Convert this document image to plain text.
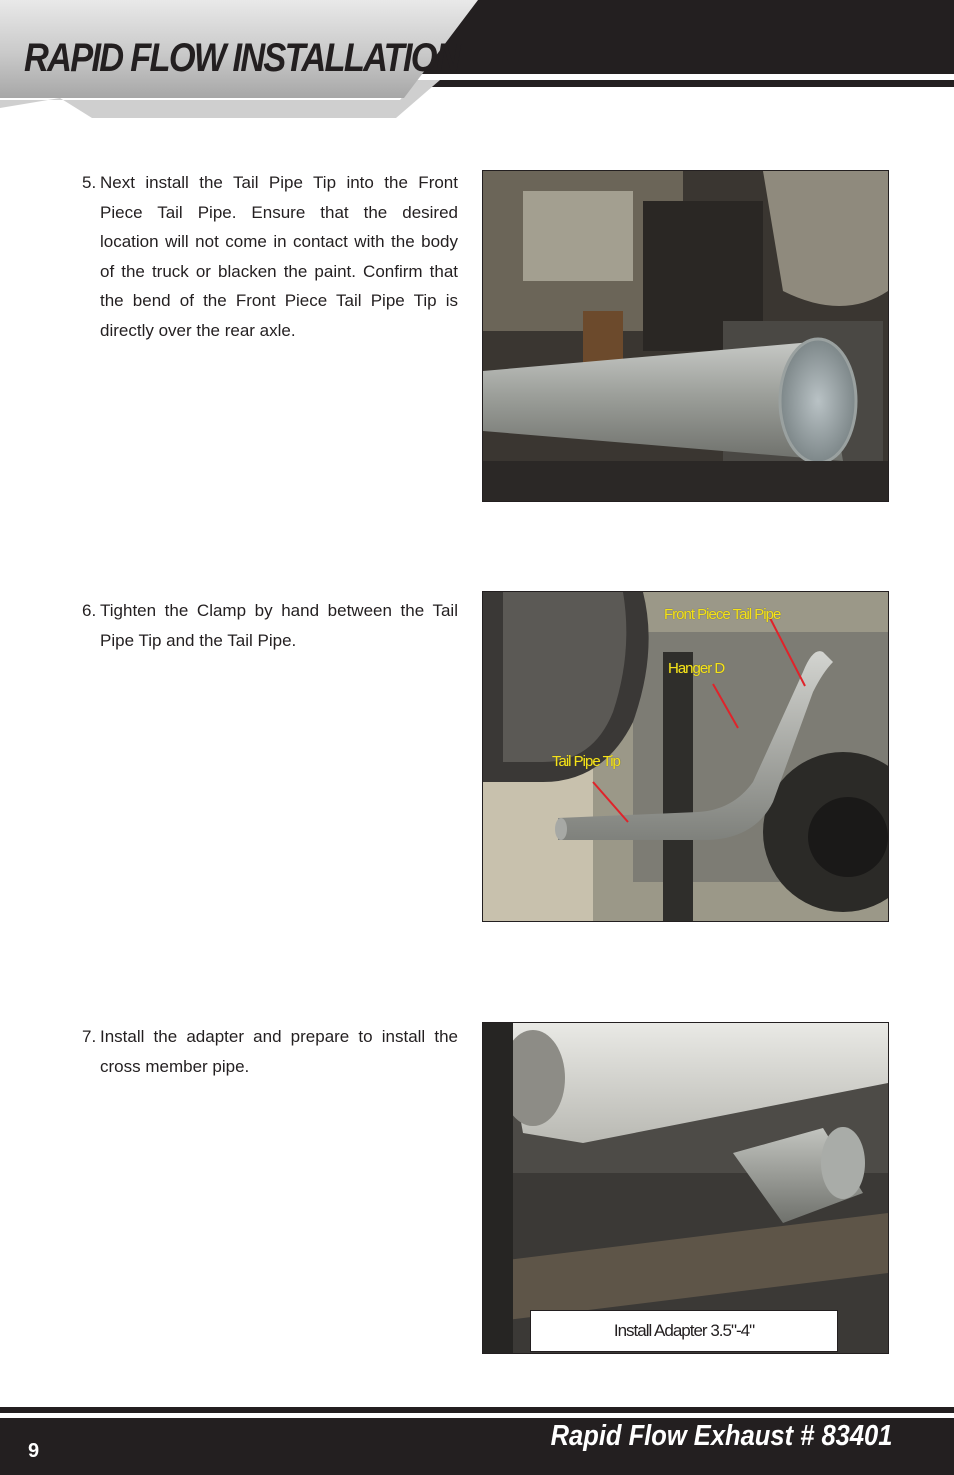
RAPID FLOW INSTALLATION
5. Next install the Tail Pipe Tip into the Front Piece Tail Pipe. Ensure that the desired location will not come in contact with the body of the truck or blacken the paint. Confirm that the bend of the Front Piece Tail Pipe Tip is directly over the rear axle.
6. Tighten the Clamp by hand between the Tail Pipe Tip and the Tail Pipe.
Front Piece Tail Pipe
Hanger D
Tail Pipe Tip
7. Install the adapter and prepare to install the cross member pipe.
Install Adapter 3.5"-4"
9	Rapid Flow Exhaust # 83401
